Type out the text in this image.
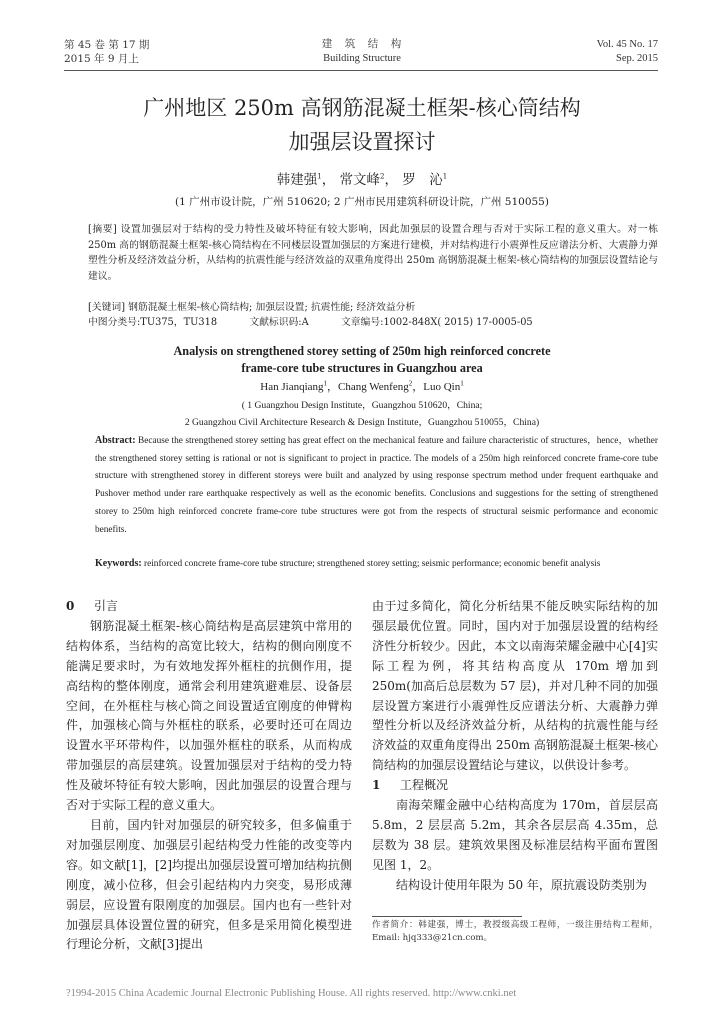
第 45 卷 第 17 期
2015 年 9 月上
建　筑　结　构
Building Structure
Vol. 45 No. 17
Sep. 2015
广州地区 250m 高钢筋混凝土框架-核心筒结构
加强层设置探讨
韩建强$^1$， 常文峰$^2$， 罗　沁$^1$
(1 广州市设计院，广州 510620; 2 广州市民用建筑科研设计院，广州 510055)
[摘要] 设置加强层对于结构的受力特性及破坏特征有较大影响，因此加强层的设置合理与否对于实际工程的意义重大。对一栋 250m 高的钢筋混凝土框架-核心筒结构在不同楼层设置加强层的方案进行建模，并对结构进行小震弹性反应谱法分析、大震静力弹塑性分析及经济效益分析，从结构的抗震性能与经济效益的双重角度得出 250m 高钢筋混凝土框架-核心筒结构的加强层设置结论与建议。
[关键词] 钢筋混凝土框架-核心筒结构; 加强层设置; 抗震性能; 经济效益分析
中图分类号:TU375，TU318	文献标识码:A	文章编号:1002-848X( 2015) 17-0005-05
Analysis on strengthened storey setting of 250m high reinforced concrete
frame-core tube structures in Guangzhou area
Han Jianqiang$^1$，Chang Wenfeng$^2$，Luo Qin$^1$
( 1 Guangzhou Design Institute，Guangzhou 510620，China;
2 Guangzhou Civil Architecture Research & Design Institute，Guangzhou 510055，China)
Abstract: Because the strengthened storey setting has great effect on the mechanical feature and failure characteristic of structures，hence，whether the strengthened storey setting is rational or not is significant to project in practice. The models of a 250m high reinforced concrete frame-core tube structure with strengthened storey in different storeys were built and analyzed by using response spectrum method under frequent earthquake and Pushover method under rare earthquake respectively as well as the economic benefits. Conclusions and suggestions for the setting of strengthened storey to 250m high reinforced concrete frame-core tube structures were got from the respects of structural seismic performance and economic benefits.
Keywords: reinforced concrete frame-core tube structure; strengthened storey setting; seismic performance; economic benefit analysis
0 引言
钢筋混凝土框架-核心筒结构是高层建筑中常用的结构体系，当结构的高宽比较大，结构的侧向刚度不能满足要求时，为有效地发挥外框柱的抗侧作用，提高结构的整体刚度，通常会利用建筑避难层、设备层空间，在外框柱与核心筒之间设置适宜刚度的伸臂构件，加强核心筒与外框柱的联系，必要时还可在周边设置水平环带构件，以加强外框柱的联系，从而构成带加强层的高层建筑。设置加强层对于结构的受力特性及破坏特征有较大影响，因此加强层的设置合理与否对于实际工程的意义重大。
目前，国内针对加强层的研究较多，但多偏重于对加强层刚度、加强层引起结构受力性能的改变等内容。如文献[1]，[2]均提出加强层设置可增加结构抗侧刚度，减小位移，但会引起结构内力突变，易形成薄弱层，应设置有限刚度的加强层。国内也有一些针对加强层具体设置位置的研究，但多是采用简化模型进行理论分析，文献[3]提出
由于过多简化，简化分析结果不能反映实际结构的加强层最优位置。同时，国内对于加强层设置的结构经济性分析较少。因此，本文以南海荣耀金融中心[4]实际工程为例，将其结构高度从 170m 增加到 250m(加高后总层数为 57 层)，并对几种不同的加强层设置方案进行小震弹性反应谱法分析、大震静力弹塑性分析以及经济效益分析，从结构的抗震性能与经济效益的双重角度得出 250m 高钢筋混凝土框架-核心筒结构的加强层设置结论与建议，以供设计参考。
1 工程概况
南海荣耀金融中心结构高度为 170m，首层层高 5.8m，2 层层高 5.2m，其余各层层高 4.35m，总层数为 38 层。建筑效果图及标准层结构平面布置图见图 1，2。
结构设计使用年限为 50 年，原抗震设防类别为
作者简介：韩建强，博士，教授级高级工程师，一级注册结构工程师，Email: hjq333@21cn.com。
?1994-2015 China Academic Journal Electronic Publishing House. All rights reserved. http://www.cnki.net
